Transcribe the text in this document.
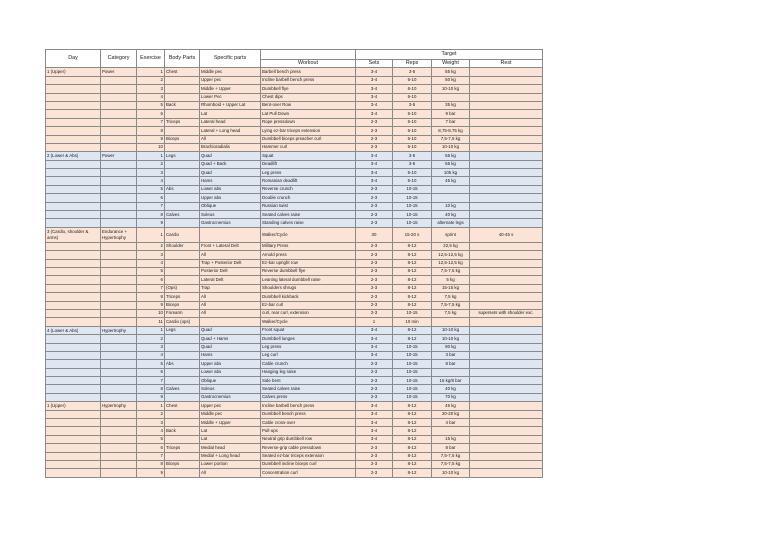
Day	Category	Exercise	Body Parts	Specific parts		Target			
					Workout	Sets	Reps	Weight	Rest
1 (Upper)	Power	1	Chest	Middle pec	Barbell bench press	3-4	3-5	55 kg	
		2		Upper pec	Incline barbell bench press	3-4	6-10	50 kg	
		3		Middle + Upper	Dumbbell flye	3-4	6-10	10-10 kg	
		4		Lower Pec	Chest dips	3-4	6-10		
		5	Back	Rhomboid + Upper Lat	Bent-over Row	3-4	3-5	35 kg	
		6		Lat	Lat Pull Down	3-4	6-10	9 bar	
		7	Triceps	Lateral head	Rope pressdown	2-3	6-10	7 bar	
		8		Lateral + Long head	Lying ez-bar triceps extension	2-3	6-10	8,75-8,75 kg	
		9	Biceps	All	Dumbbell biceps preacher curl	2-3	6-10	7,5-7,5 kg	
		10		Brachioradialis	Hammer curl	2-3	6-10	10-10 kg	
2 (Lower & Abs)	Power	1	Legs	Quad	Squat	3-4	3-5	65 kg	
		2		Quad + Back	Deadlift	3-4	3-5	65 kg	
		3		Quad	Leg press	3-4	6-10	105 kg	
		4		Hams	Romanian deadlift	3-4	6-10	45 kg	
		5	Abs	Lower abs	Reverse crunch	2-3	10-15		
		6		Upper abs	Double crunch	2-3	10-15		
		7		Oblique	Russian twist	2-3	10-15	10 kg	
		8	Calves	Soleus	Seated calves raise	2-3	10-15	40 kg	
		9		Gastrocnemius	Standing calves raise	2-3	10-15	alternate legs	
3 (Cardio, shoulder & arms)	Endurance + Hypertrophy	1	Cardio		Walker/Cycle	30	15-20 s	sprint	40-45 s
		2	Shoulder	Front + Lateral Delt	Military Press	2-3	8-12	22,5 kg	
		3		All	Arnold press	2-3	8-12	12,5-12,5 kg	
		4		Trap + Posterior Delt	Ez-bar upright row	2-3	8-12	12,5-12,5 kg	
		5		Posterior Delt	Reverse dumbbell flye	2-3	8-12	7,5-7,5 kg	
		6		Lateral Delt	Leaning lateral dumbbell raise	2-3	8-12	5 kg	
		7	(Ops)	Trap	Shoulders shrugs	2-3	8-12	15-15 kg	
		8	Triceps	All	Dumbbell kickback	2-3	8-12	7,5 kg	
		9	Biceps	All	Ez-bar curl	2-3	8-12	7,5-7,5 kg	
		10	Forearm	All	curl, rear curl, extension	2-3	10-15	7,5 kg	supersets with shoulder exc.
		11	Cardio (ops)		Walker/Cycle	1	10 min		
4 (Lower & Abs)	Hypertrophy	1	Legs	Quad	Front squat	3-4	8-12	10-10 kg	
		2		Quad + Hams	Dumbbell lunges	3-4	8-12	10-10 kg	
		3		Quad	Leg press	3-4	10-15	90 kg	
		4		Hams	Leg curl	3-4	10-15	3 bar	
		5	Abs	Upper abs	Cable crunch	2-3	10-15	8 bar	
		6		Lower abs	Hanging leg raise	2-3	10-15		
		7		Oblique	Side bent	2-3	10-15	15 kg/8 bar	
		8	Calves	Soleus	Seated calves raise	2-3	10-15	40 kg	
		9		Gastrocnemius	Calves press	2-3	10-15	70 kg	
1 (Upper)	Hypertrophy	1	Chest	Upper pec	Incline barbell bench press	3-4	8-12	45 kg	
		2		Middle pec	Dumbbell bench press	3-4	8-12	20-20 kg	
		3		Middle + Upper	Cable cross-over	3-4	8-12	4 bar	
		4	Back	Lat	Pull-ups	3-4	8-12		
		5		Lat	Neutral grip dumbbell row	3-4	8-12	15 kg	
		6	Triceps	Medial head	Reverse-grip cable pressdown	2-3	8-12	8 bar	
		7		Medial + Long head	Seated ez-bar triceps extension	2-3	8-12	7,5-7,5 kg	
		8	Biceps	Lower portion	Dumbbell incline biceps curl	2-3	8-12	7,5-7,5 kg	
		9		All	Concentration curl	2-3	8-12	10-10 kg	
